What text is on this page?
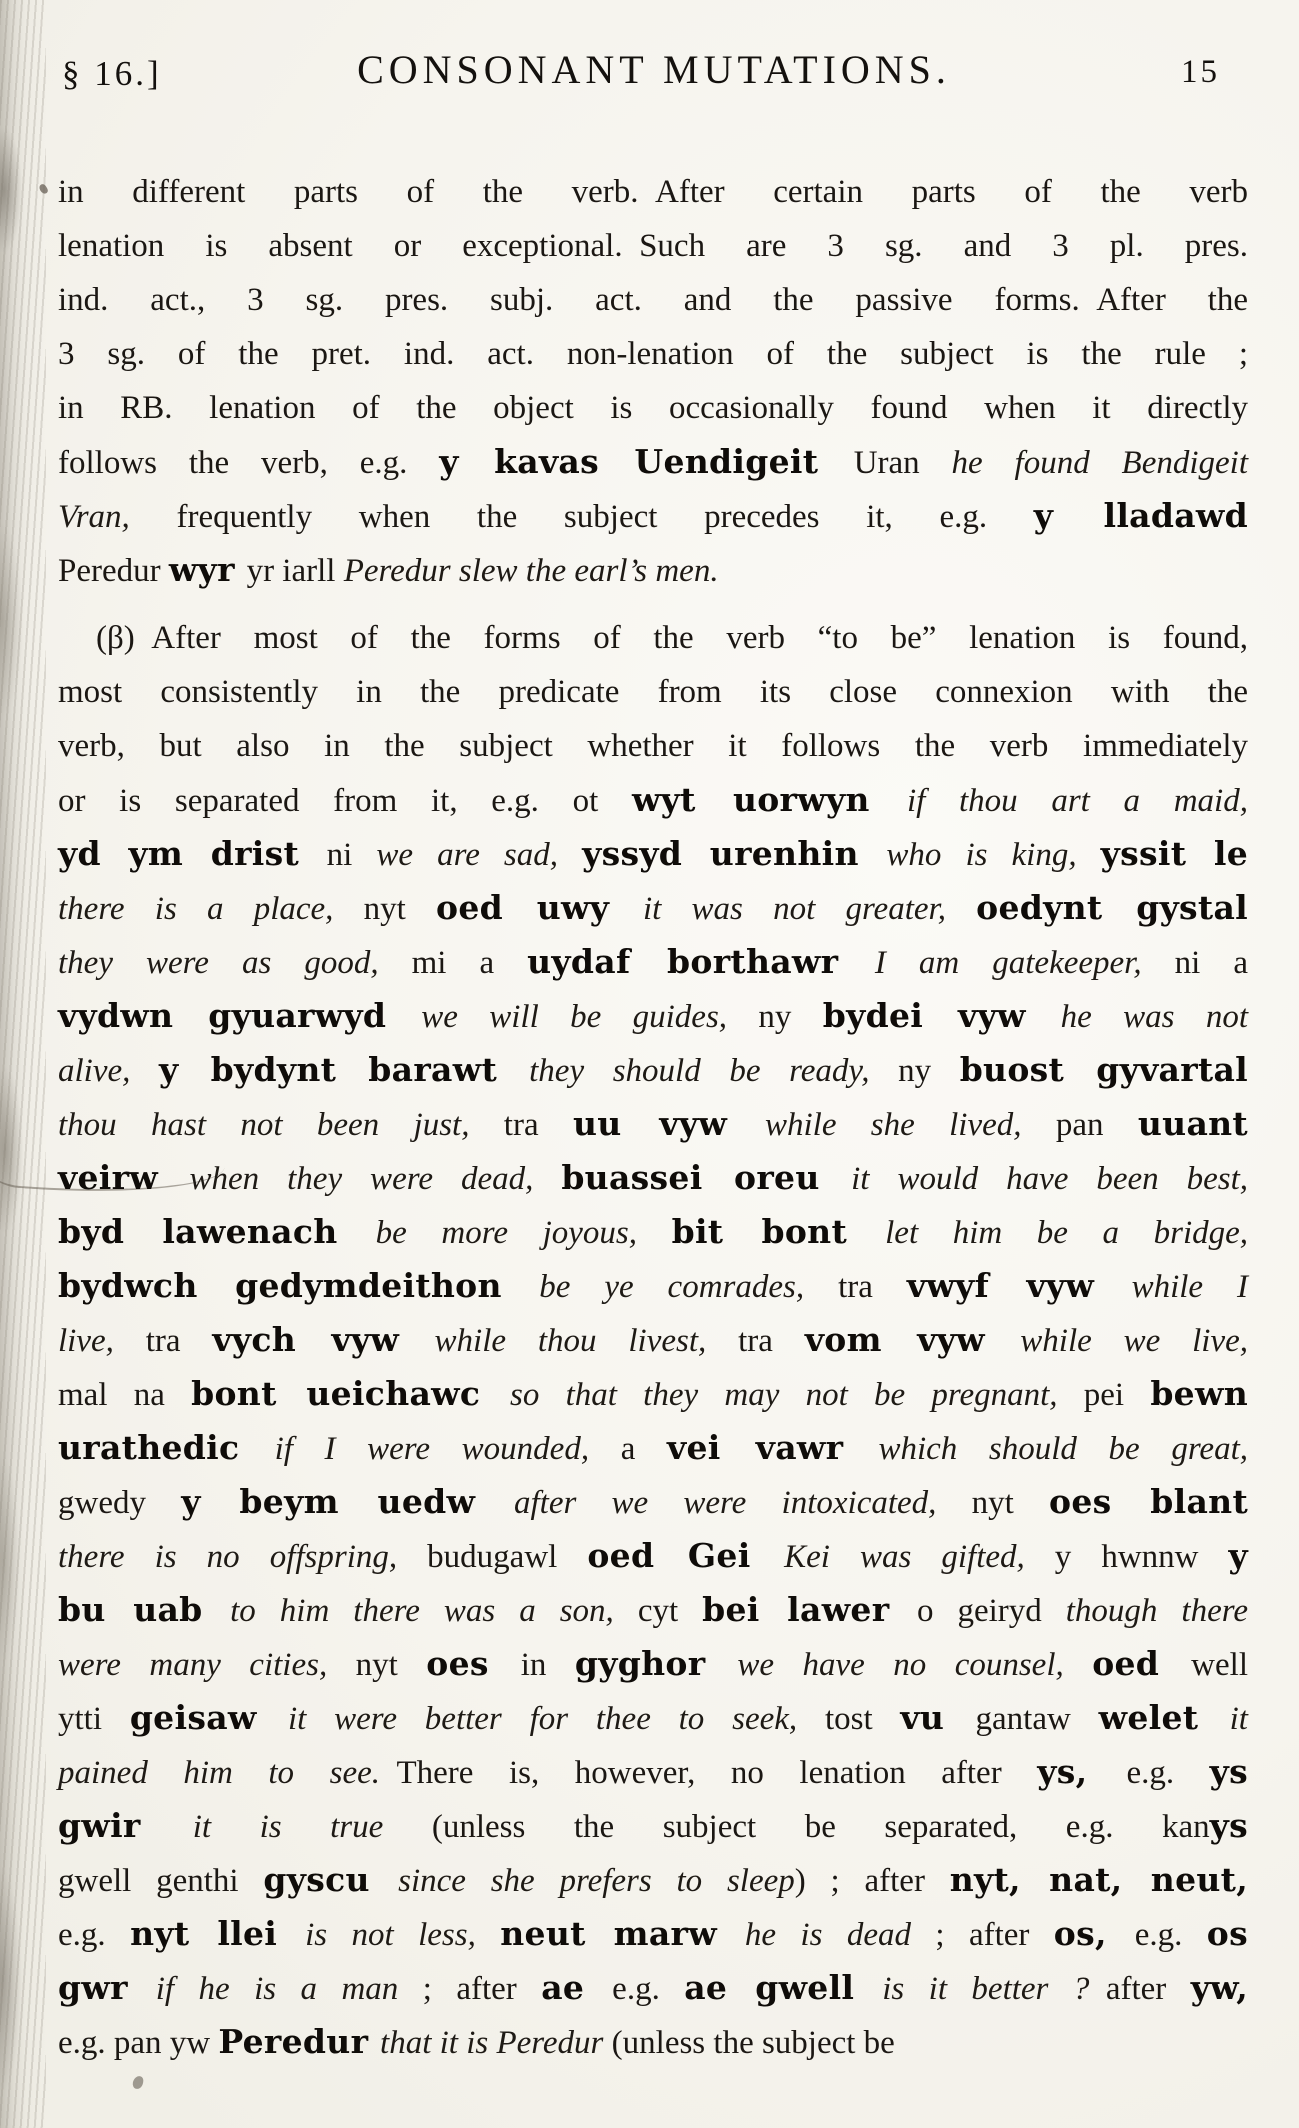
§ 16.]	CONSONANT MUTATIONS.	15
in different parts of the verb. After certain parts of the verb
lenation is absent or exceptional. Such are 3 sg. and 3 pl. pres.
ind. act., 3 sg. pres. subj. act. and the passive forms. After the
3 sg. of the pret. ind. act. non-lenation of the subject is the rule ;
in RB. lenation of the object is occasionally found when it directly
follows the verb, e.g. y kavas Uendigeit Uran he found Bendigeit
Vran, frequently when the subject precedes it, e.g. y lladawd
Peredur wyr yr iarll Peredur slew the earl’s men.
(β) After most of the forms of the verb “to be” lenation is found,
most consistently in the predicate from its close connexion with the
verb, but also in the subject whether it follows the verb immediately
or is separated from it, e.g. ot wyt uorwyn if thou art a maid,
yd ym drist ni we are sad, yssyd urenhin who is king, yssit le
there is a place, nyt oed uwy it was not greater, oedynt gystal
they were as good, mi a uydaf borthawr I am gatekeeper, ni a
vydwn gyuarwyd we will be guides, ny bydei vyw he was not
alive, y bydynt barawt they should be ready, ny buost gyvartal
thou hast not been just, tra uu vyw while she lived, pan uuant
veirw when they were dead, buassei oreu it would have been best,
byd lawenach be more joyous, bit bont let him be a bridge,
bydwch gedymdeithon be ye comrades, tra vwyf vyw while I
live, tra vych vyw while thou livest, tra vom vyw while we live,
mal na bont ueichawc so that they may not be pregnant, pei bewn
urathedic if I were wounded, a vei vawr which should be great,
gwedy y beym uedw after we were intoxicated, nyt oes blant
there is no offspring, budugawl oed Gei Kei was gifted, y hwnnw y
bu uab to him there was a son, cyt bei lawer o geiryd though there
were many cities, nyt oes in gyghor we have no counsel, oed well
ytti geisaw it were better for thee to seek, tost vu gantaw welet it
pained him to see. There is, however, no lenation after ys, e.g. ys
gwir it is true (unless the subject be separated, e.g. kanys
gwell genthi gyscu since she prefers to sleep) ; after nyt, nat, neut,
e.g. nyt llei is not less, neut marw he is dead ; after os, e.g. os
gwr if he is a man ; after ae e.g. ae gwell is it better ? after yw,
e.g. pan yw Peredur that it is Peredur (unless the subject be
